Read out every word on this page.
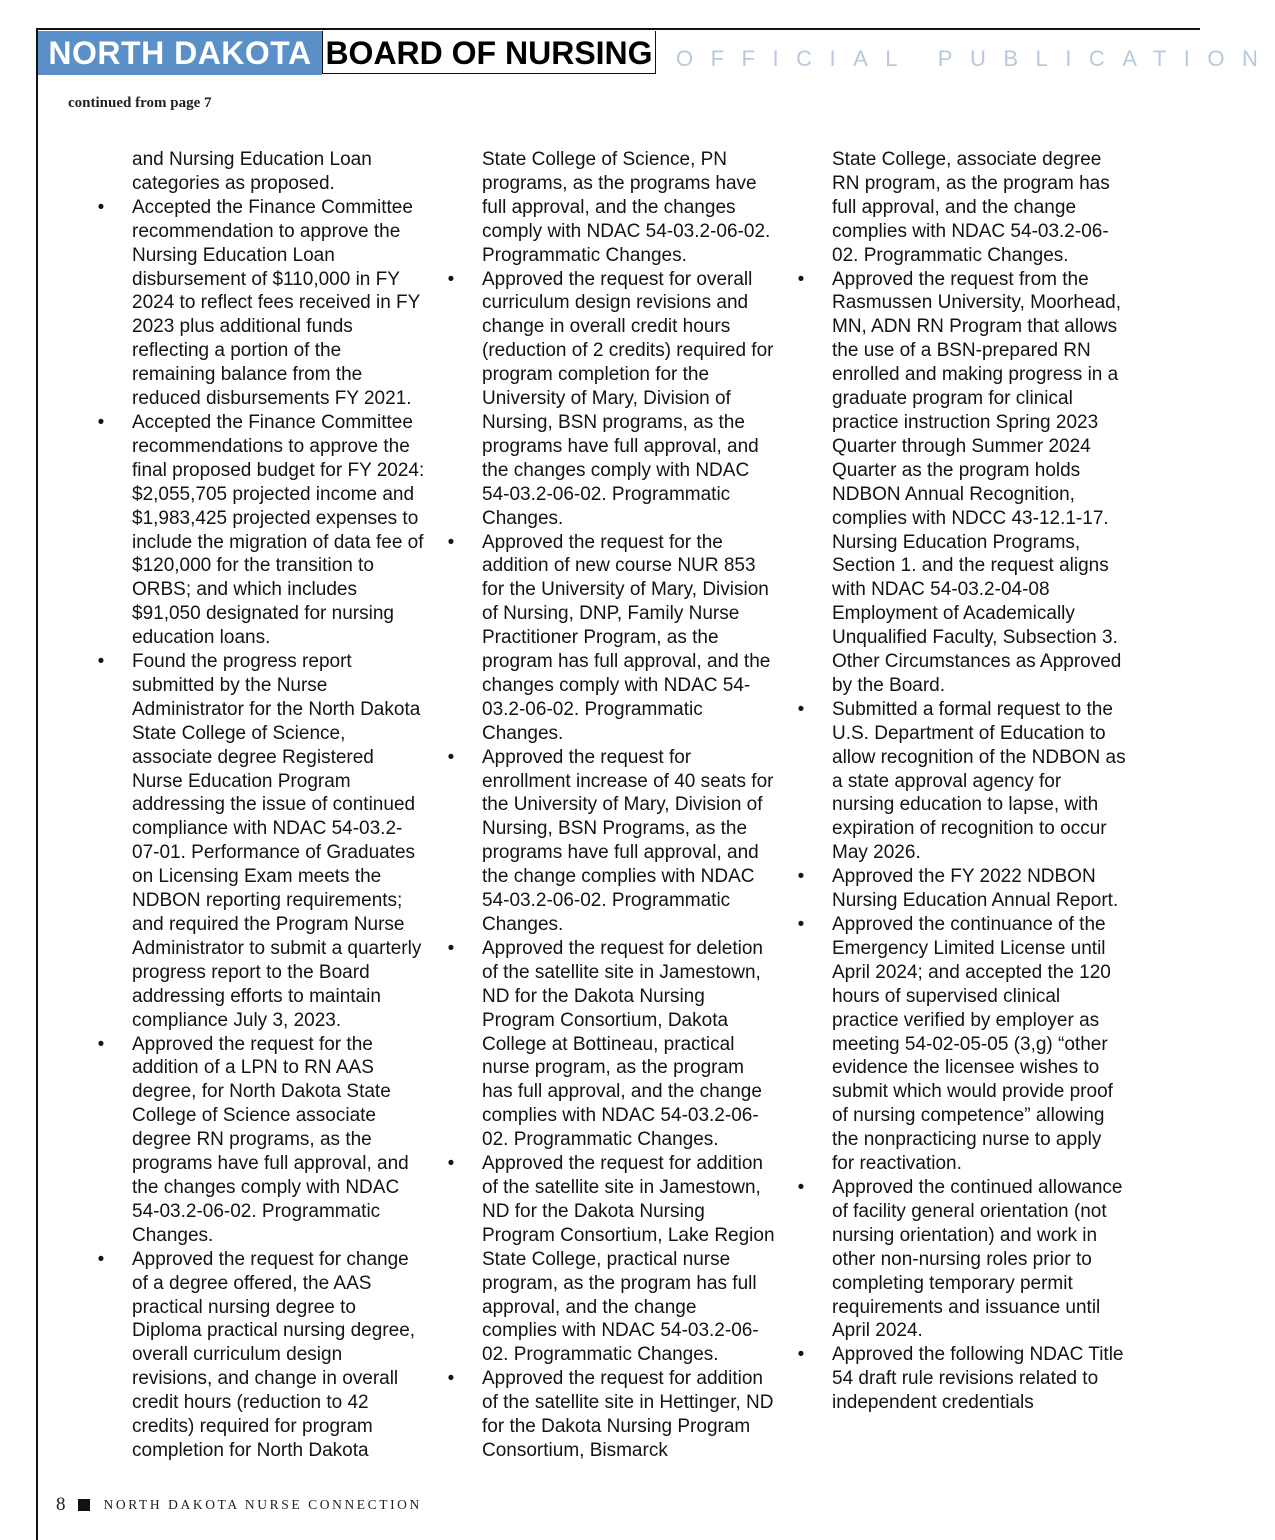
NORTH DAKOTA BOARD OF NURSING OFFICIAL PUBLICATION
continued from page 7

and Nursing Education Loan categories as proposed.

• Accepted the Finance Committee recommendation to approve the Nursing Education Loan disbursement of $110,000 in FY 2024 to reflect fees received in FY 2023 plus additional funds reflecting a portion of the remaining balance from the reduced disbursements FY 2021.
• Accepted the Finance Committee recommendations to approve the final proposed budget for FY 2024: $2,055,705 projected income and $1,983,425 projected expenses to include the migration of data fee of $120,000 for the transition to ORBS; and which includes $91,050 designated for nursing education loans.
• Found the progress report submitted by the Nurse Administrator for the North Dakota State College of Science, associate degree Registered Nurse Education Program addressing the issue of continued compliance with NDAC 54-03.2-07-01. Performance of Graduates on Licensing Exam meets the NDBON reporting requirements; and required the Program Nurse Administrator to submit a quarterly progress report to the Board addressing efforts to maintain compliance July 3, 2023.
• Approved the request for the addition of a LPN to RN AAS degree, for North Dakota State College of Science associate degree RN programs, as the programs have full approval, and the changes comply with NDAC 54-03.2-06-02. Programmatic Changes.
• Approved the request for change of a degree offered, the AAS practical nursing degree to Diploma practical nursing degree, overall curriculum design revisions, and change in overall credit hours (reduction to 42 credits) required for program completion for North Dakota

State College of Science, PN programs, as the programs have full approval, and the changes comply with NDAC 54-03.2-06-02. Programmatic Changes.

• Approved the request for overall curriculum design revisions and change in overall credit hours (reduction of 2 credits) required for program completion for the University of Mary, Division of Nursing, BSN programs, as the programs have full approval, and the changes comply with NDAC 54-03.2-06-02. Programmatic Changes.
• Approved the request for the addition of new course NUR 853 for the University of Mary, Division of Nursing, DNP, Family Nurse Practitioner Program, as the program has full approval, and the changes comply with NDAC 54-03.2-06-02. Programmatic Changes.
• Approved the request for enrollment increase of 40 seats for the University of Mary, Division of Nursing, BSN Programs, as the programs have full approval, and the change complies with NDAC 54-03.2-06-02. Programmatic Changes.
• Approved the request for deletion of the satellite site in Jamestown, ND for the Dakota Nursing Program Consortium, Dakota College at Bottineau, practical nurse program, as the program has full approval, and the change complies with NDAC 54-03.2-06-02. Programmatic Changes.
• Approved the request for addition of the satellite site in Jamestown, ND for the Dakota Nursing Program Consortium, Lake Region State College, practical nurse program, as the program has full approval, and the change complies with NDAC 54-03.2-06-02. Programmatic Changes.
• Approved the request for addition of the satellite site in Hettinger, ND for the Dakota Nursing Program Consortium, Bismarck

State College, associate degree RN program, as the program has full approval, and the change complies with NDAC 54-03.2-06-02. Programmatic Changes.

• Approved the request from the Rasmussen University, Moorhead, MN, ADN RN Program that allows the use of a BSN-prepared RN enrolled and making progress in a graduate program for clinical practice instruction Spring 2023 Quarter through Summer 2024 Quarter as the program holds NDBON Annual Recognition, complies with NDCC 43-12.1-17. Nursing Education Programs, Section 1. and the request aligns with NDAC 54-03.2-04-08 Employment of Academically Unqualified Faculty, Subsection 3. Other Circumstances as Approved by the Board.
• Submitted a formal request to the U.S. Department of Education to allow recognition of the NDBON as a state approval agency for nursing education to lapse, with expiration of recognition to occur May 2026.
• Approved the FY 2022 NDBON Nursing Education Annual Report.
• Approved the continuance of the Emergency Limited License until April 2024; and accepted the 120 hours of supervised clinical practice verified by employer as meeting 54-02-05-05 (3,g) “other evidence the licensee wishes to submit which would provide proof of nursing competence” allowing the nonpracticing nurse to apply for reactivation.
• Approved the continued allowance of facility general orientation (not nursing orientation) and work in other non-nursing roles prior to completing temporary permit requirements and issuance until April 2024.
• Approved the following NDAC Title 54 draft rule revisions related to independent credentials
8	NORTH DAKOTA NURSE CONNECTION
